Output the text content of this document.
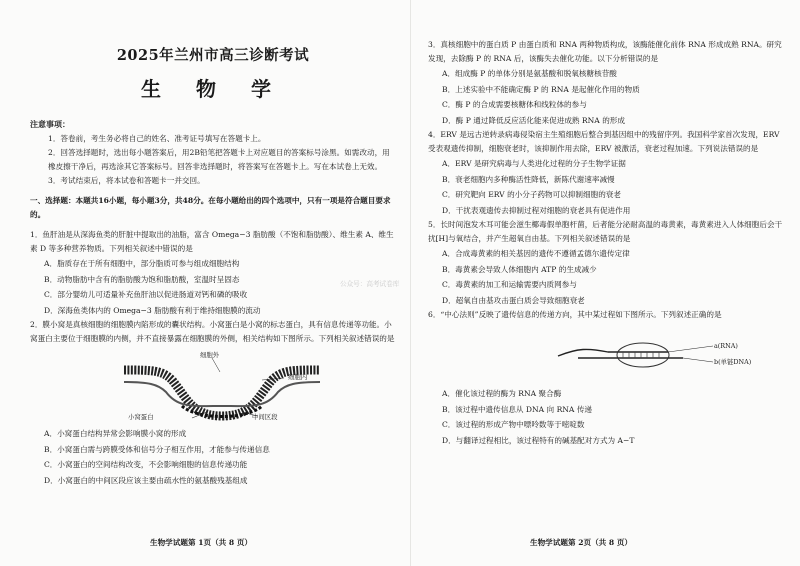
2025年兰州市高三诊断考试
生 物 学
注意事项：

1．答卷前，考生务必将自己的姓名、准考证号填写在答题卡上。

2．回答选择题时，选出每小题答案后，用2B铅笔把答题卡上对应题目的答案标号涂黑。如需改动，用橡皮擦干净后，再选涂其它答案标号。回答非选择题时，将答案写在答题卡上。写在本试卷上无效。

3．考试结束后，将本试卷和答题卡一并交回。

一、选择题：本题共16小题，每小题3分，共48分。在每小题给出的四个选项中，只有一项是符合题目要求的。

1．鱼肝油是从深海鱼类的肝脏中提取出的油脂，富含 Omega−3 脂肪酸（不饱和脂肪酸）、维生素 A、维生素 D 等多种营养物质。下列相关叙述中错误的是

A．脂质存在于所有细胞中，部分脂质可参与组成细胞结构

B．动物脂肪中含有的脂肪酸为饱和脂肪酸，室温时呈固态

C．部分婴幼儿可适量补充鱼肝油以促进肠道对钙和磷的吸收

D．深海鱼类体内的 Omega−3 脂肪酸有利于维持细胞膜的流动

2．膜小窝是真核细胞的细胞膜内陷形成的囊状结构。小窝蛋白是小窝的标志蛋白，具有信息传递等功能。小窝蛋白主要位于细胞膜的内侧，并不直接暴露在细胞膜的外侧，相关结构如下图所示。下列相关叙述错误的是

细胞外
细胞内
小窝蛋白	中间区段

A．小窝蛋白结构异常会影响膜小窝的形成

B．小窝蛋白需与跨膜受体和信号分子相互作用，才能参与传递信息

C．小窝蛋白的空间结构改变，不会影响细胞的信息传递功能

D．小窝蛋白的中间区段应该主要由疏水性的氨基酸残基组成

生物学试题第 1页（共 8 页）

3．真核细胞中的蛋白质 P 由蛋白质和 RNA 两种物质构成，该酶能催化前体 RNA 形成成熟 RNA。研究发现，去除酶 P 的 RNA 后，该酶失去催化功能。以下分析错误的是

A．组成酶 P 的单体分别是氨基酸和脱氧核糖核苷酸

B．上述实验中不能确定酶 P 的 RNA 是起催化作用的物质

C．酶 P 的合成需要核糖体和线粒体的参与

D．酶 P 通过降低反应活化能来促进成熟 RNA 的形成

4．ERV 是远古逆转录病毒侵染宿主生殖细胞后整合到基因组中的残留序列。我国科学家首次发现，ERV 受表观遗传抑制，细胞衰老时，该抑制作用去除，ERV 被激活，衰老过程加速。下列说法错误的是

A．ERV 是研究病毒与人类进化过程的分子生物学证据

B．衰老细胞内多种酶活性降低，新陈代谢速率减慢

C．研究靶向 ERV 的小分子药物可以抑制细胞的衰老

D．干扰表观遗传去抑制过程对细胞的衰老具有促进作用

5．长时间泡发木耳可能会滋生椰毒假单胞杆菌，后者能分泌耐高温的毒黄素，毒黄素进入人体细胞后会干扰[H]与氧结合，并产生超氧自由基。下列相关叙述错误的是

A．合成毒黄素的相关基因的遗传不遵循孟德尔遗传定律

B．毒黄素会导致人体细胞内 ATP 的生成减少

C．毒黄素的加工和运输需要内质网参与

D．超氧自由基攻击蛋白质会导致细胞衰老

6．“中心法则”反映了遗传信息的传递方向，其中某过程如下图所示。下列叙述正确的是

a(RNA)
b(单链DNA)

A．催化该过程的酶为 RNA 聚合酶

B．该过程中遗传信息从 DNA 向 RNA 传递

C．该过程的形成产物中嘌呤数等于嘧啶数

D．与翻译过程相比，该过程特有的碱基配对方式为 A−T

生物学试题第 2页（共 8 页）
公众号：高考试卷库
